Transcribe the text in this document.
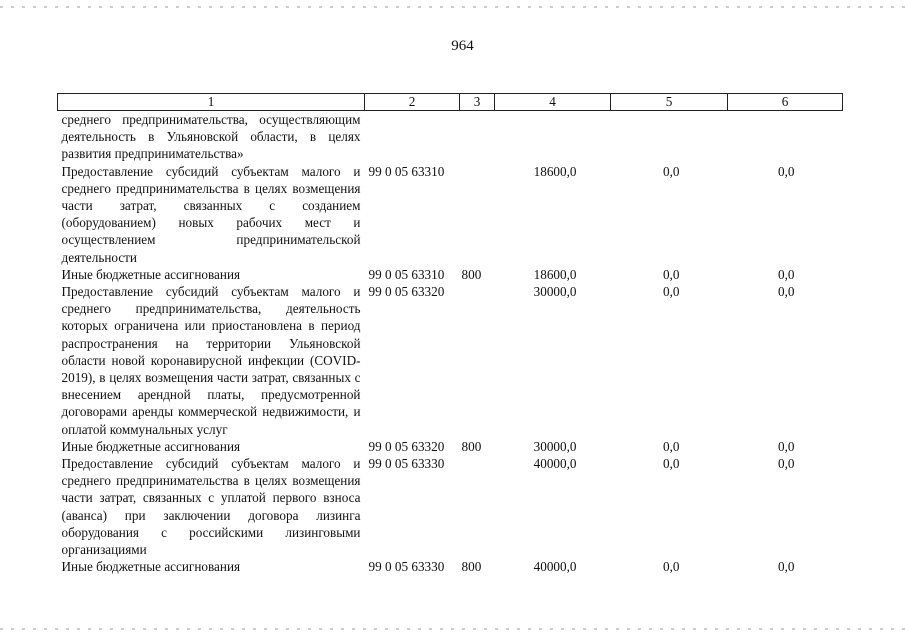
964
1	2	3	4	5	6
среднего предпринимательства, осуществляющим деятельность в Ульяновской области, в целях развития предпринимательства»					
Предоставление субсидий субъектам малого и среднего предпринимательства в целях возмещения части затрат, связанных с созданием (оборудованием) новых рабочих мест и осуществлением предпринимательской деятельности	99 0 05 63310		18600,0	0,0	0,0
Иные бюджетные ассигнования	99 0 05 63310	800	18600,0	0,0	0,0
Предоставление субсидий субъектам малого и среднего предпринимательства, деятельность которых ограничена или приостановлена в период распространения на территории Ульяновской области новой коронавирусной инфекции (COVID-2019), в целях возмещения части затрат, связанных с внесением арендной платы, предусмотренной договорами аренды коммерческой недвижимости, и оплатой коммунальных услуг	99 0 05 63320		30000,0	0,0	0,0
Иные бюджетные ассигнования	99 0 05 63320	800	30000,0	0,0	0,0
Предоставление субсидий субъектам малого и среднего предпринимательства в целях возмещения части затрат, связанных с уплатой первого взноса (аванса) при заключении договора лизинга оборудования с российскими лизинговыми организациями	99 0 05 63330		40000,0	0,0	0,0
Иные бюджетные ассигнования	99 0 05 63330	800	40000,0	0,0	0,0
